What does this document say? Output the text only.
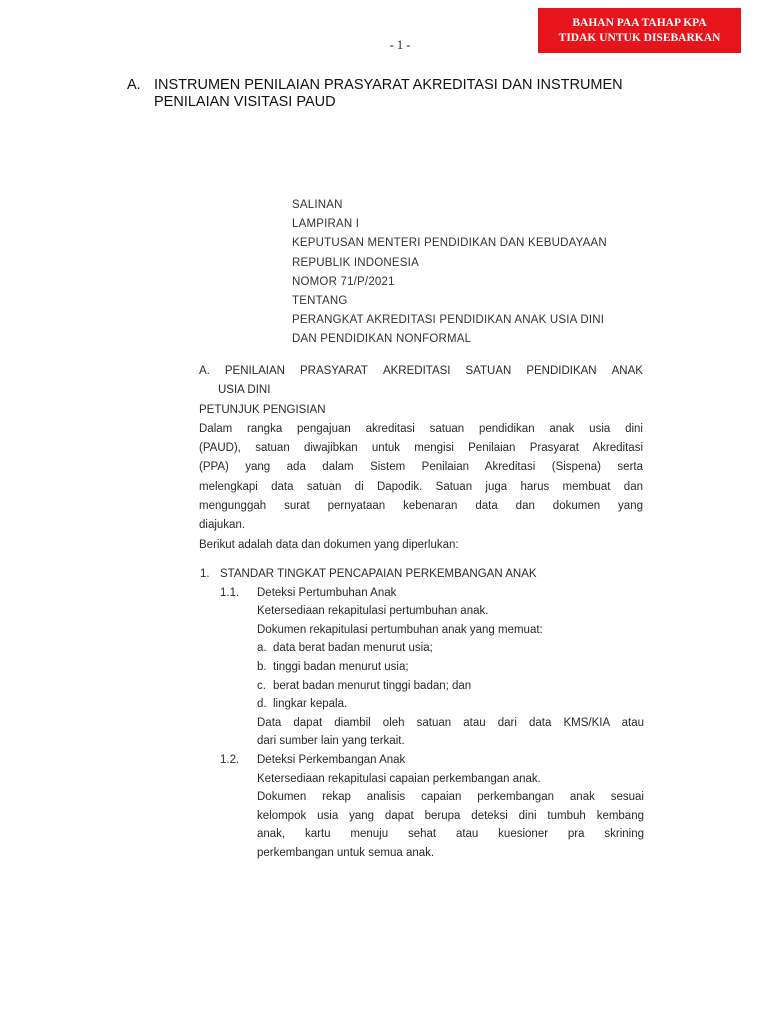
BAHAN PAA TAHAP KPA
TIDAK UNTUK DISEBARKAN
- 1 -
A. INSTRUMEN PENILAIAN PRASYARAT AKREDITASI DAN INSTRUMEN
PENILAIAN VISITASI PAUD
SALINAN
LAMPIRAN I
KEPUTUSAN MENTERI PENDIDIKAN DAN KEBUDAYAAN
REPUBLIK INDONESIA
NOMOR 71/P/2021
TENTANG
PERANGKAT AKREDITASI PENDIDIKAN ANAK USIA DINI
DAN PENDIDIKAN NONFORMAL
A. PENILAIAN PRASYARAT AKREDITASI SATUAN PENDIDIKAN ANAK
USIA DINI
PETUNJUK PENGISIAN
Dalam rangka pengajuan akreditasi satuan pendidikan anak usia dini
(PAUD), satuan diwajibkan untuk mengisi Penilaian Prasyarat Akreditasi
(PPA) yang ada dalam Sistem Penilaian Akreditasi (Sispena) serta
melengkapi data satuan di Dapodik. Satuan juga harus membuat dan
mengunggah surat pernyataan kebenaran data dan dokumen yang
diajukan.
Berikut adalah data dan dokumen yang diperlukan:
1. STANDAR TINGKAT PENCAPAIAN PERKEMBANGAN ANAK
1.1. Deteksi Pertumbuhan Anak
Ketersediaan rekapitulasi pertumbuhan anak.
Dokumen rekapitulasi pertumbuhan anak yang memuat:
a. data berat badan menurut usia;
b. tinggi badan menurut usia;
c. berat badan menurut tinggi badan; dan
d. lingkar kepala.
Data dapat diambil oleh satuan atau dari data KMS/KIA atau
dari sumber lain yang terkait.
1.2. Deteksi Perkembangan Anak
Ketersediaan rekapitulasi capaian perkembangan anak.
Dokumen rekap analisis capaian perkembangan anak sesuai
kelompok usia yang dapat berupa deteksi dini tumbuh kembang
anak, kartu menuju sehat atau kuesioner pra skrining
perkembangan untuk semua anak.
